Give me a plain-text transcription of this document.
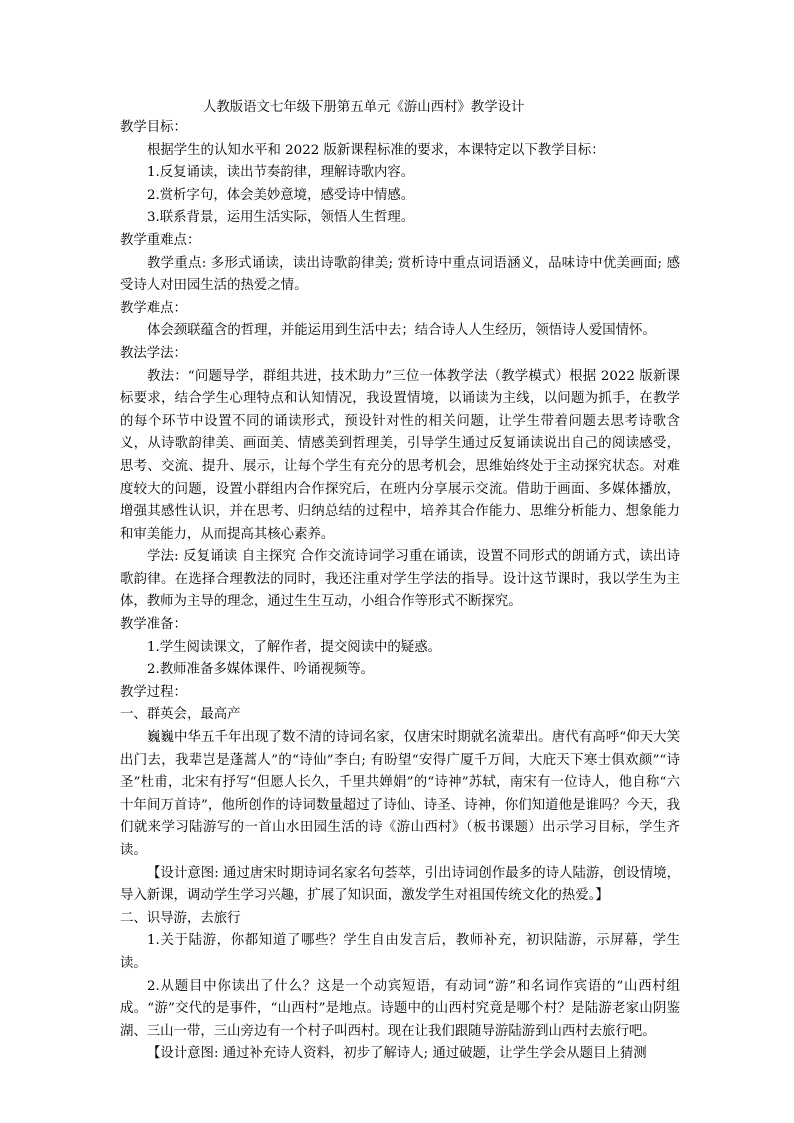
人教版语文七年级下册第五单元《游山西村》教学设计

教学目标：

根据学生的认知水平和 2022 版新课程标准的要求，本课特定以下教学目标：

1.反复诵读，读出节奏韵律，理解诗歌内容。

2.赏析字句，体会美妙意境，感受诗中情感。

3.联系背景，运用生活实际，领悟人生哲理。

教学重难点：

教学重点: 多形式诵读，读出诗歌韵律美; 赏析诗中重点词语涵义，品味诗中优美画面; 感受诗人对田园生活的热爱之情。

教学难点：

体会颈联蕴含的哲理，并能运用到生活中去；结合诗人人生经历，领悟诗人爱国情怀。

教法学法：

教法：“问题导学，群组共进，技术助力”三位一体教学法（教学模式）根据 2022 版新课标要求，结合学生心理特点和认知情况，我设置情境，以诵读为主线，以问题为抓手，在教学的每个环节中设置不同的诵读形式，预设针对性的相关问题，让学生带着问题去思考诗歌含义，从诗歌韵律美、画面美、情感美到哲理美，引导学生通过反复诵读说出自己的阅读感受，思考、交流、提升、展示，让每个学生有充分的思考机会，思维始终处于主动探究状态。对难度较大的问题，设置小群组内合作探究后，在班内分享展示交流。借助于画面、多媒体播放，增强其感性认识，并在思考、归纳总结的过程中，培养其合作能力、思维分析能力、想象能力和审美能力，从而提高其核心素养。

学法: 反复诵读 自主探究 合作交流诗词学习重在诵读，设置不同形式的朗诵方式，读出诗歌韵律。在选择合理教法的同时，我还注重对学生学法的指导。设计这节课时，我以学生为主体，教师为主导的理念，通过生生互动，小组合作等形式不断探究。

教学准备：

1.学生阅读课文，了解作者，提交阅读中的疑惑。

2.教师准备多媒体课件、吟诵视频等。

教学过程：

一、群英会，最高产

巍巍中华五千年出现了数不清的诗词名家，仅唐宋时期就名流辈出。唐代有高呼“仰天大笑出门去，我辈岂是蓬蒿人”的“诗仙”李白; 有盼望“安得广厦千万间，大庇天下寒士俱欢颜”“诗圣”杜甫，北宋有抒写“但愿人长久，千里共婵娟”的“诗神”苏轼，南宋有一位诗人，他自称“六十年间万首诗”，他所创作的诗词数量超过了诗仙、诗圣、诗神，你们知道他是谁吗？今天，我们就来学习陆游写的一首山水田园生活的诗《游山西村》（板书课题）出示学习目标，学生齐读。

【设计意图: 通过唐宋时期诗词名家名句荟萃，引出诗词创作最多的诗人陆游，创设情境，导入新课，调动学生学习兴趣，扩展了知识面，激发学生对祖国传统文化的热爱。】

二、识导游，去旅行

1.关于陆游，你都知道了哪些？学生自由发言后，教师补充，初识陆游，示屏幕，学生读。

2.从题目中你读出了什么？这是一个动宾短语，有动词“游”和名词作宾语的“山西村组成。“游”交代的是事件，“山西村”是地点。诗题中的山西村究竟是哪个村？是陆游老家山阴鉴湖、三山一带，三山旁边有一个村子叫西村。现在让我们跟随导游陆游到山西村去旅行吧。

【设计意图: 通过补充诗人资料，初步了解诗人; 通过破题，让学生学会从题目上猜测
